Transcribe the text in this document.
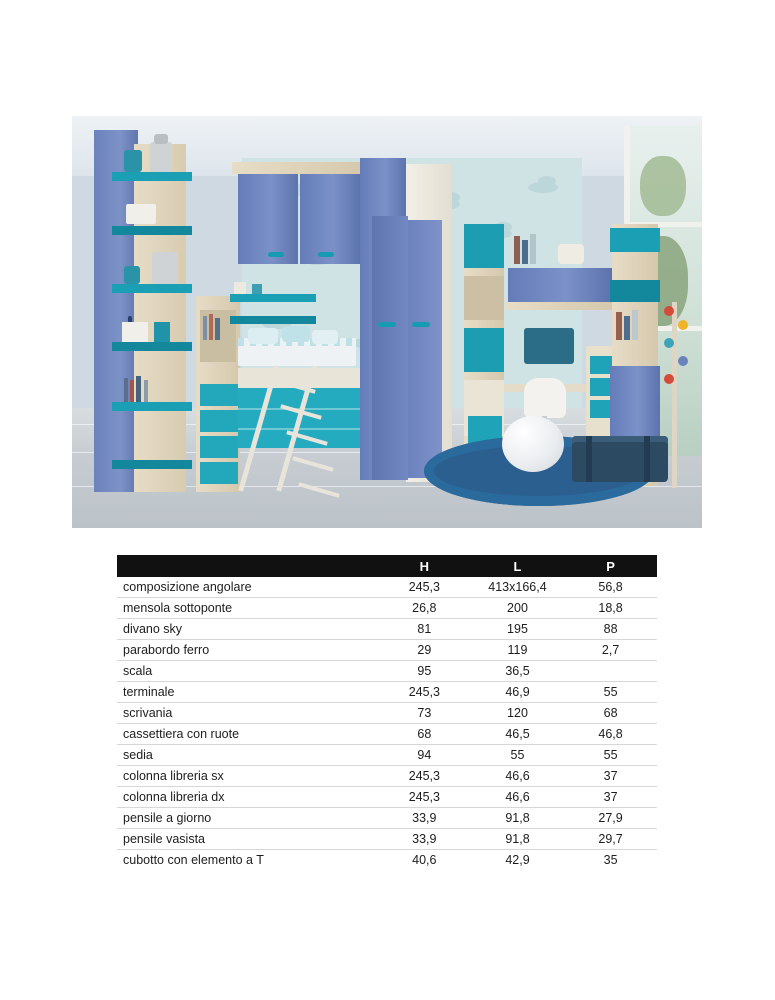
	H	L	P
composizione angolare	245,3	413x166,4	56,8
mensola sottoponte	26,8	200	18,8
divano sky	81	195	88
parabordo ferro	29	119	2,7
scala	95	36,5	
terminale	245,3	46,9	55
scrivania	73	120	68
cassettiera con ruote	68	46,5	46,8
sedia	94	55	55
colonna libreria sx	245,3	46,6	37
colonna libreria dx	245,3	46,6	37
pensile a giorno	33,9	91,8	27,9
pensile vasista	33,9	91,8	29,7
cubotto con elemento a T	40,6	42,9	35
